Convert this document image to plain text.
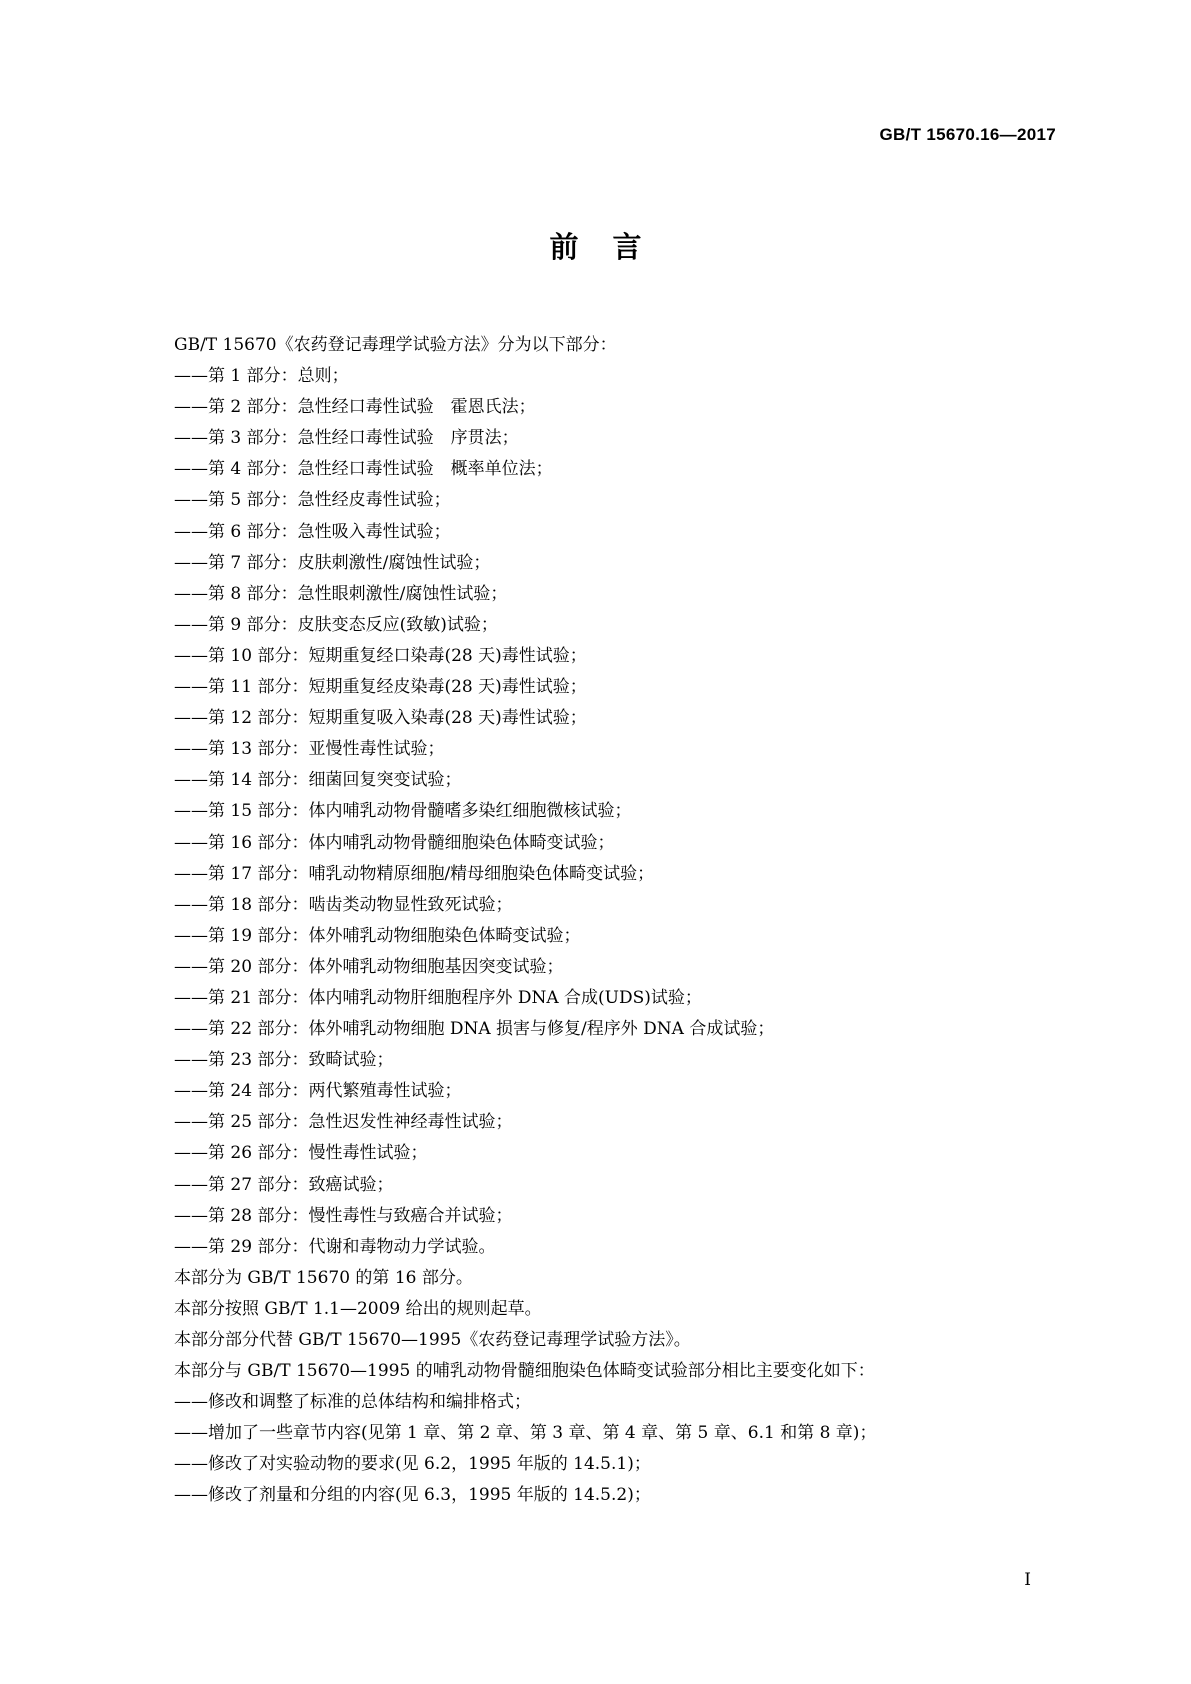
GB/T 15670.16—2017
前言

GB/T 15670《农药登记毒理学试验方法》分为以下部分：

——第 1 部分：总则；

——第 2 部分：急性经口毒性试验　霍恩氏法；

——第 3 部分：急性经口毒性试验　序贯法；

——第 4 部分：急性经口毒性试验　概率单位法；

——第 5 部分：急性经皮毒性试验；

——第 6 部分：急性吸入毒性试验；

——第 7 部分：皮肤刺激性/腐蚀性试验；

——第 8 部分：急性眼刺激性/腐蚀性试验；

——第 9 部分：皮肤变态反应(致敏)试验；

——第 10 部分：短期重复经口染毒(28 天)毒性试验；

——第 11 部分：短期重复经皮染毒(28 天)毒性试验；

——第 12 部分：短期重复吸入染毒(28 天)毒性试验；

——第 13 部分：亚慢性毒性试验；

——第 14 部分：细菌回复突变试验；

——第 15 部分：体内哺乳动物骨髓嗜多染红细胞微核试验；

——第 16 部分：体内哺乳动物骨髓细胞染色体畸变试验；

——第 17 部分：哺乳动物精原细胞/精母细胞染色体畸变试验；

——第 18 部分：啮齿类动物显性致死试验；

——第 19 部分：体外哺乳动物细胞染色体畸变试验；

——第 20 部分：体外哺乳动物细胞基因突变试验；

——第 21 部分：体内哺乳动物肝细胞程序外 DNA 合成(UDS)试验；

——第 22 部分：体外哺乳动物细胞 DNA 损害与修复/程序外 DNA 合成试验；

——第 23 部分：致畸试验；

——第 24 部分：两代繁殖毒性试验；

——第 25 部分：急性迟发性神经毒性试验；

——第 26 部分：慢性毒性试验；

——第 27 部分：致癌试验；

——第 28 部分：慢性毒性与致癌合并试验；

——第 29 部分：代谢和毒物动力学试验。

本部分为 GB/T 15670 的第 16 部分。

本部分按照 GB/T 1.1—2009 给出的规则起草。

本部分部分代替 GB/T 15670—1995《农药登记毒理学试验方法》。

本部分与 GB/T 15670—1995 的哺乳动物骨髓细胞染色体畸变试验部分相比主要变化如下：

——修改和调整了标准的总体结构和编排格式；

——增加了一些章节内容(见第 1 章、第 2 章、第 3 章、第 4 章、第 5 章、6.1 和第 8 章)；

——修改了对实验动物的要求(见 6.2，1995 年版的 14.5.1)；

——修改了剂量和分组的内容(见 6.3，1995 年版的 14.5.2)；

I
